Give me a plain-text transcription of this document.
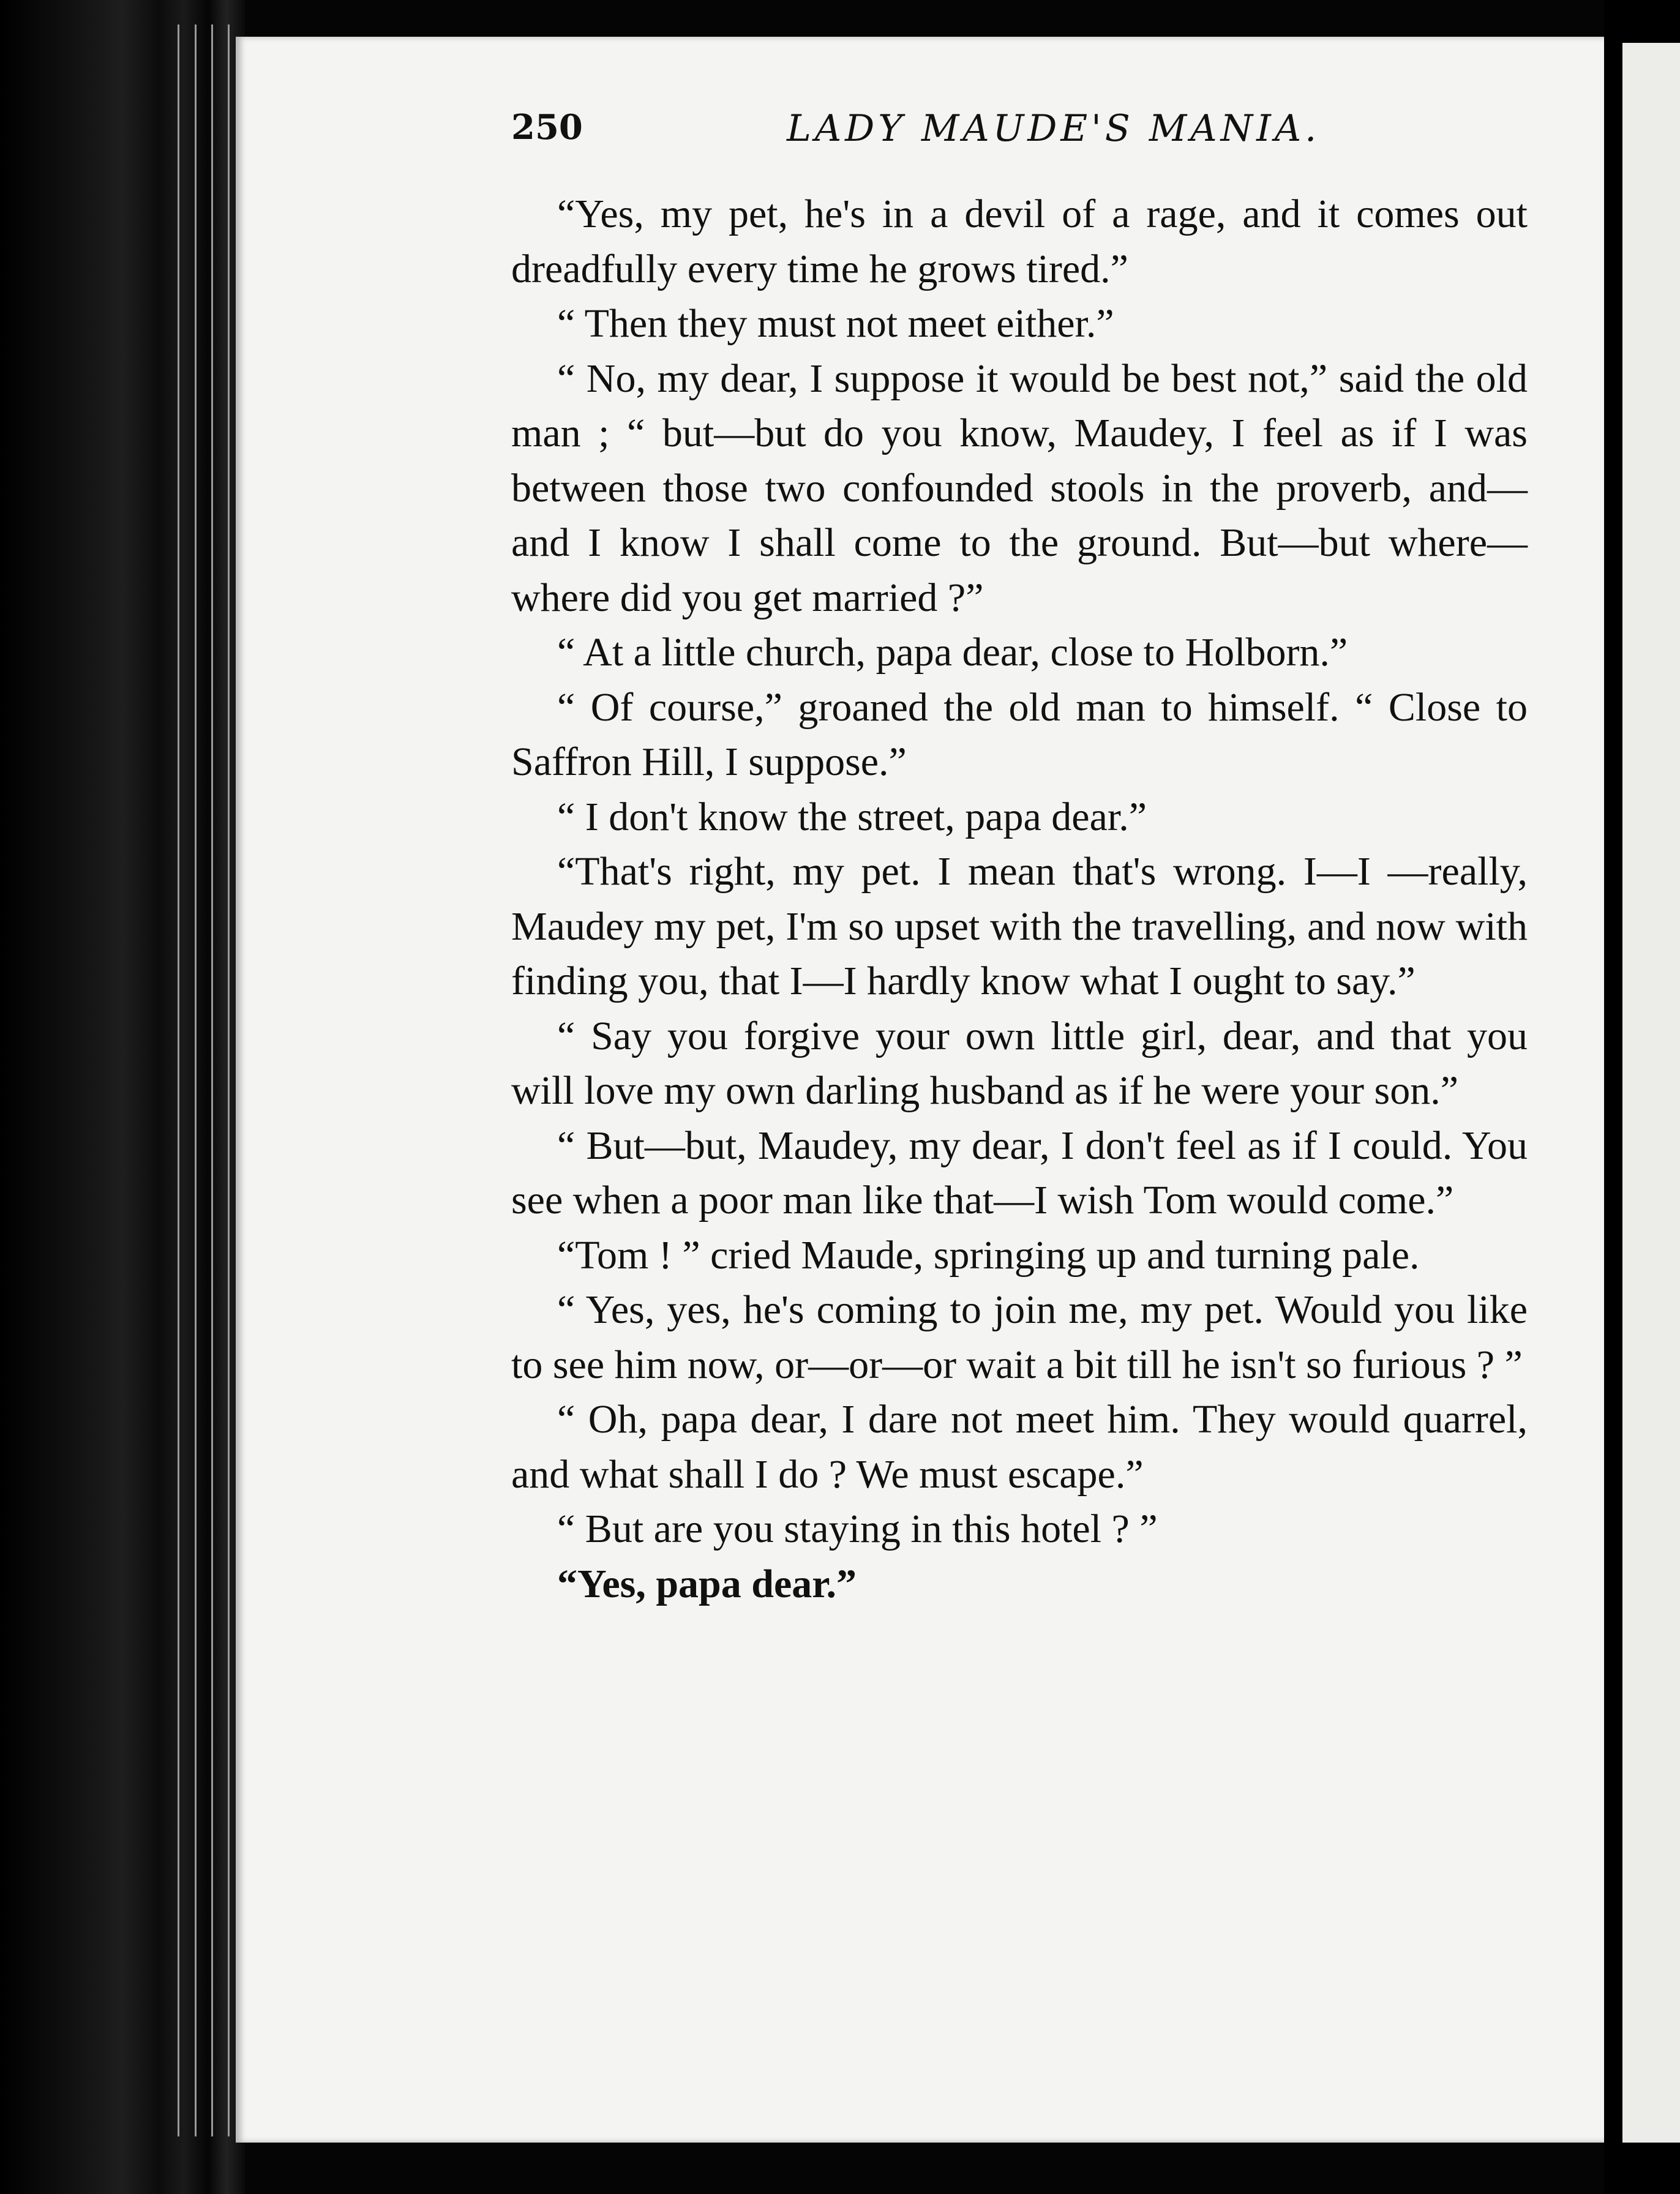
250	LADY MAUDE'S MANIA.

“Yes, my pet, he's in a devil of a rage, and it comes out dreadfully every time he grows tired.”

“ Then they must not meet either.”

“ No, my dear, I suppose it would be best not,” said the old man ; “ but—but do you know, Maudey, I feel as if I was between those two confounded stools in the proverb, and—and I know I shall come to the ground. But—but where—where did you get married ?”

“ At a little church, papa dear, close to Holborn.”

“ Of course,” groaned the old man to himself. “ Close to Saffron Hill, I suppose.”

“ I don't know the street, papa dear.”

“That's right, my pet. I mean that's wrong. I—I —really, Maudey my pet, I'm so upset with the travelling, and now with finding you, that I—I hardly know what I ought to say.”

“ Say you forgive your own little girl, dear, and that you will love my own darling husband as if he were your son.”

“ But—but, Maudey, my dear, I don't feel as if I could. You see when a poor man like that—I wish Tom would come.”

“Tom ! ” cried Maude, springing up and turning pale.

“ Yes, yes, he's coming to join me, my pet. Would you like to see him now, or—or—or wait a bit till he isn't so furious ? ”

“ Oh, papa dear, I dare not meet him. They would quarrel, and what shall I do ? We must escape.”

“ But are you staying in this hotel ? ”

“Yes, papa dear.”
